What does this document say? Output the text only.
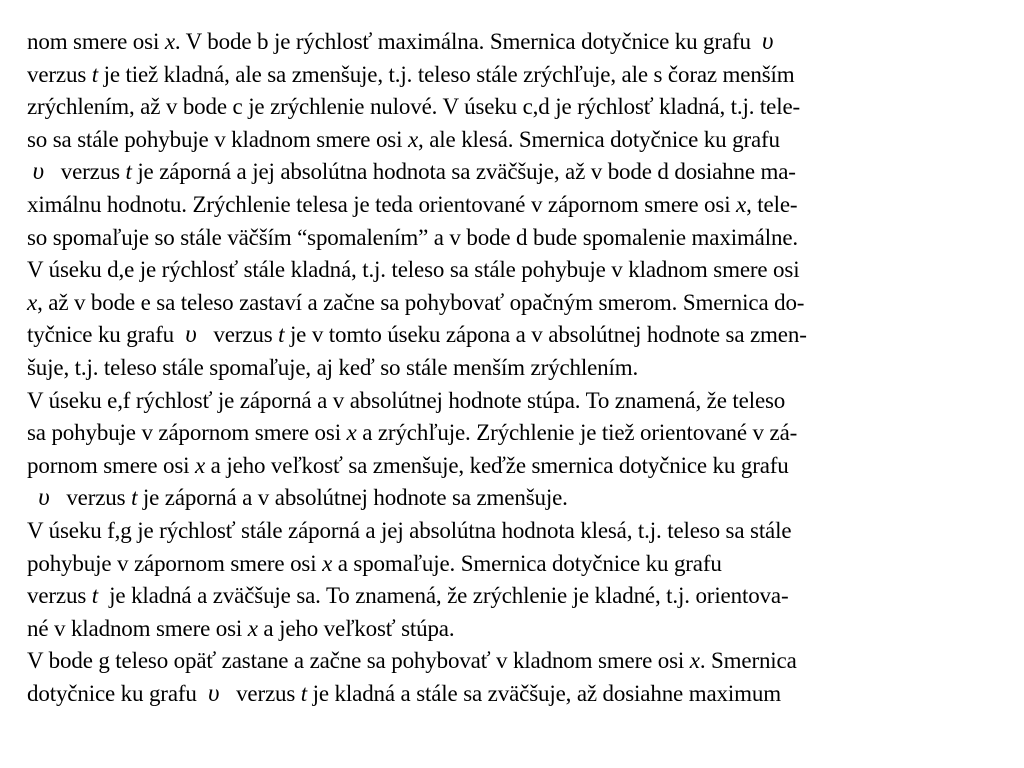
nom smere osi x. V bode b je rýchlosť maximálna. Smernica dotyčnice ku grafu  υ
verzus t je tiež kladná, ale sa zmenšuje, t.j. teleso stále zrýchľuje, ale s čoraz menším
zrýchlením, až v bode c je zrýchlenie nulové. V úseku c,d je rýchlosť kladná, t.j. tele-
so sa stále pohybuje v kladnom smere osi x, ale klesá. Smernica dotyčnice ku grafu
υ   verzus t je záporná a jej absolútna hodnota sa zväčšuje, až v bode d dosiahne ma-
ximálnu hodnotu. Zrýchlenie telesa je teda orientované v zápornom smere osi x, tele-
so spomaľuje so stále väčším “spomalením” a v bode d bude spomalenie maximálne.
V úseku d,e je rýchlosť stále kladná, t.j. teleso sa stále pohybuje v kladnom smere osi
x, až v bode e sa teleso zastaví a začne sa pohybovať opačným smerom. Smernica do-
tyčnice ku grafu  υ   verzus t je v tomto úseku zápona a v absolútnej hodnote sa zmen-
šuje, t.j. teleso stále spomaľuje, aj keď so stále menším zrýchlením.
V úseku e,f rýchlosť je záporná a v absolútnej hodnote stúpa. To znamená, že teleso
sa pohybuje v zápornom smere osi x a zrýchľuje. Zrýchlenie je tiež orientované v zá-
pornom smere osi x a jeho veľkosť sa zmenšuje, keďže smernica dotyčnice ku grafu
υ   verzus t je záporná a v absolútnej hodnote sa zmenšuje.
V úseku f,g je rýchlosť stále záporná a jej absolútna hodnota klesá, t.j. teleso sa stále
pohybuje v zápornom smere osi x a spomaľuje. Smernica dotyčnice ku grafu
verzus t  je kladná a zväčšuje sa. To znamená, že zrýchlenie je kladné, t.j. orientova-
né v kladnom smere osi x a jeho veľkosť stúpa.
V bode g teleso opäť zastane a začne sa pohybovať v kladnom smere osi x. Smernica
dotyčnice ku grafu  υ   verzus t je kladná a stále sa zväčšuje, až dosiahne maximum
